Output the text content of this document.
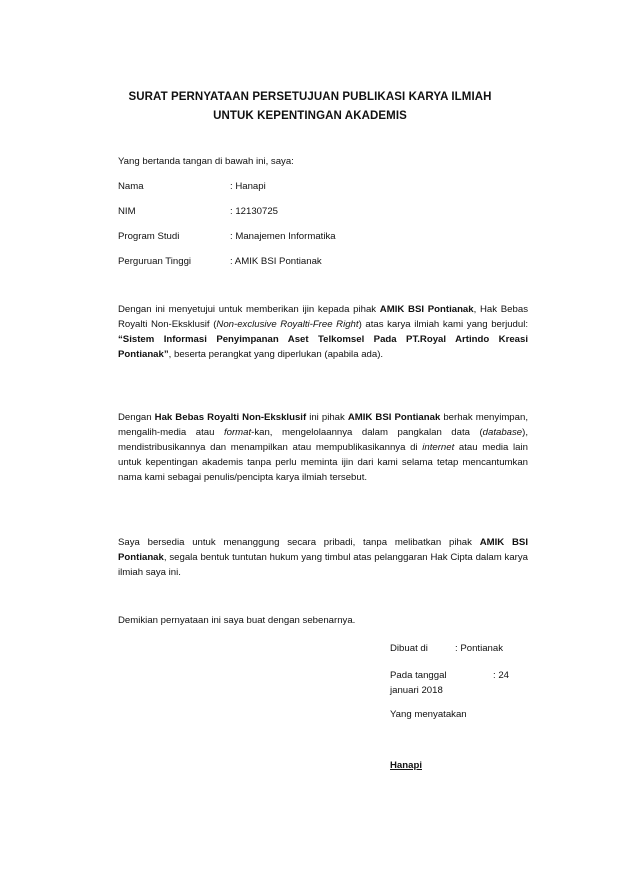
SURAT PERNYATAAN PERSETUJUAN PUBLIKASI KARYA ILMIAH
UNTUK KEPENTINGAN AKADEMIS
Yang bertanda tangan di bawah ini, saya:
Nama	: Hanapi
NIM	: 12130725
Program Studi	: Manajemen Informatika
Perguruan Tinggi	: AMIK BSI Pontianak
Dengan ini menyetujui untuk memberikan ijin kepada pihak AMIK BSI Pontianak, Hak Bebas Royalti Non-Eksklusif (Non-exclusive Royalti-Free Right) atas karya ilmiah kami yang berjudul: “Sistem Informasi Penyimpanan Aset Telkomsel Pada PT.Royal Artindo Kreasi Pontianak”, beserta perangkat yang diperlukan (apabila ada).
Dengan Hak Bebas Royalti Non-Eksklusif ini pihak AMIK BSI Pontianak berhak menyimpan, mengalih-media atau format-kan, mengelolaannya dalam pangkalan data (database), mendistribusikannya dan menampilkan atau mempublikasikannya di internet atau media lain untuk kepentingan akademis tanpa perlu meminta ijin dari kami selama tetap mencantumkan nama kami sebagai penulis/pencipta karya ilmiah tersebut.
Saya bersedia untuk menanggung secara pribadi, tanpa melibatkan pihak AMIK BSI Pontianak, segala bentuk tuntutan hukum yang timbul atas pelanggaran Hak Cipta dalam karya ilmiah saya ini.
Demikian pernyataan ini saya buat dengan sebenarnya.
Dibuat di	: Pontianak
Pada tanggal	: 24
januari 2018
Yang menyatakan
Hanapi
